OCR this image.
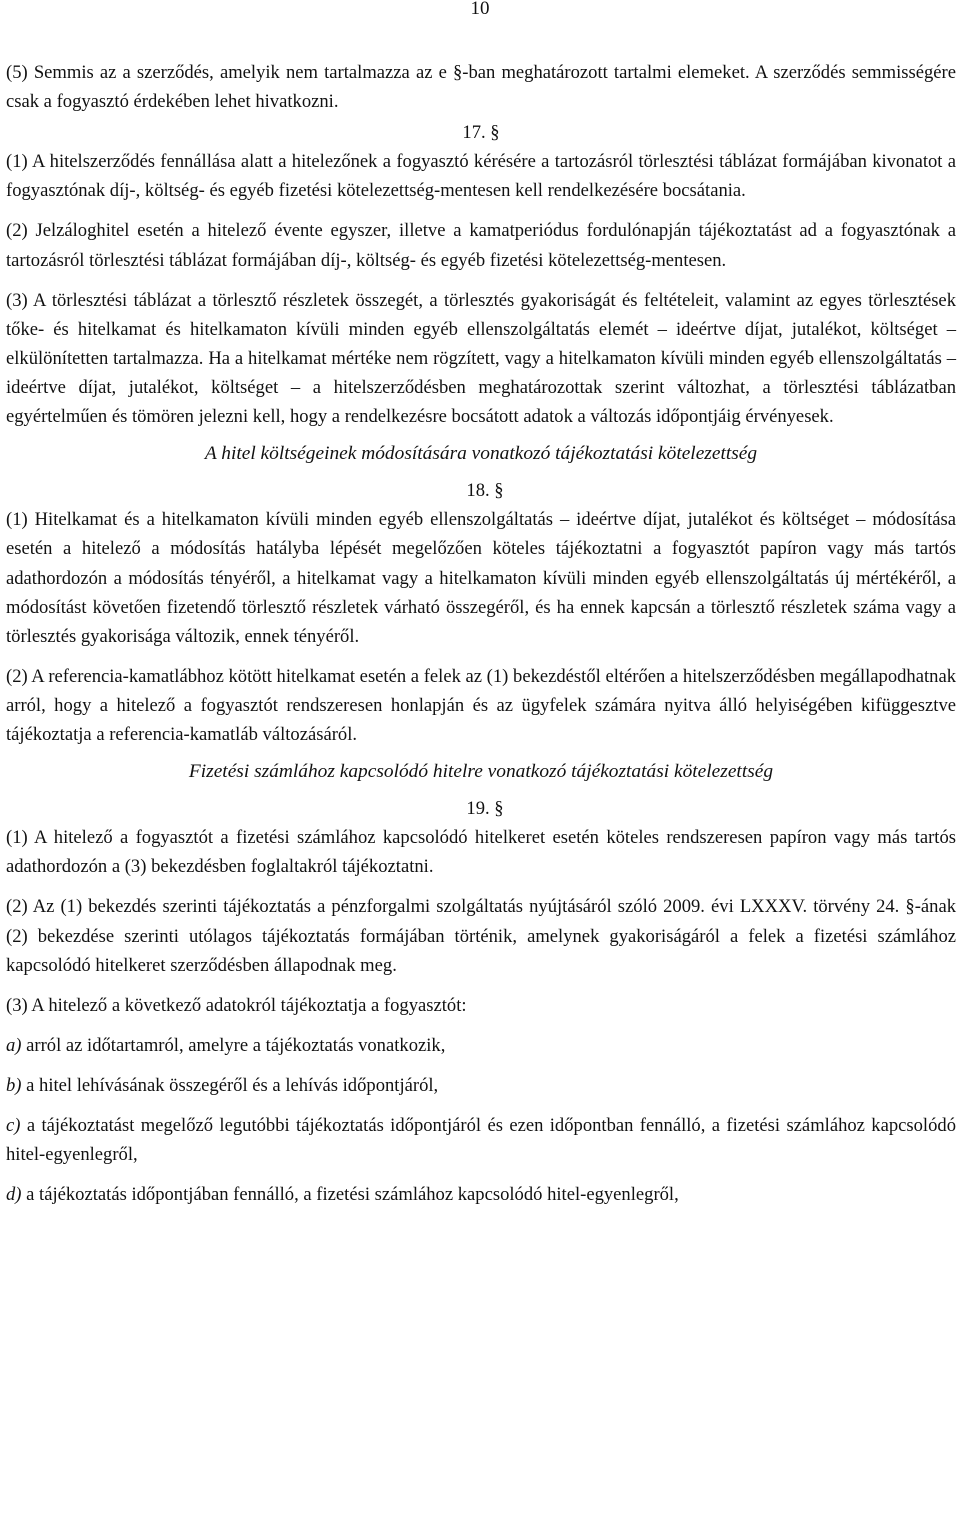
10

(5) Semmis az a szerződés, amelyik nem tartalmazza az e §-ban meghatározott tartalmi elemeket. A szerződés semmisségére csak a fogyasztó érdekében lehet hivatkozni.

17. §

(1) A hitelszerződés fennállása alatt a hitelezőnek a fogyasztó kérésére a tartozásról törlesztési táblázat formájában kivonatot a fogyasztónak díj-, költség- és egyéb fizetési kötelezettség-mentesen kell rendelkezésére bocsátania.

(2) Jelzáloghitel esetén a hitelező évente egyszer, illetve a kamatperiódus fordulónapján tájékoztatást ad a fogyasztónak a tartozásról törlesztési táblázat formájában díj-, költség- és egyéb fizetési kötelezettség-mentesen.

(3) A törlesztési táblázat a törlesztő részletek összegét, a törlesztés gyakoriságát és feltételeit, valamint az egyes törlesztések tőke- és hitelkamat és hitelkamaton kívüli minden egyéb ellenszolgáltatás elemét – ideértve díjat, jutalékot, költséget – elkülönítetten tartalmazza. Ha a hitelkamat mértéke nem rögzített, vagy a hitelkamaton kívüli minden egyéb ellenszolgáltatás – ideértve díjat, jutalékot, költséget – a hitelszerződésben meghatározottak szerint változhat, a törlesztési táblázatban egyértelműen és tömören jelezni kell, hogy a rendelkezésre bocsátott adatok a változás időpontjáig érvényesek.

A hitel költségeinek módosítására vonatkozó tájékoztatási kötelezettség
18. §

(1) Hitelkamat és a hitelkamaton kívüli minden egyéb ellenszolgáltatás – ideértve díjat, jutalékot és költséget – módosítása esetén a hitelező a módosítás hatályba lépését megelőzően köteles tájékoztatni a fogyasztót papíron vagy más tartós adathordozón a módosítás tényéről, a hitelkamat vagy a hitelkamaton kívüli minden egyéb ellenszolgáltatás új mértékéről, a módosítást követően fizetendő törlesztő részletek várható összegéről, és ha ennek kapcsán a törlesztő részletek száma vagy a törlesztés gyakorisága változik, ennek tényéről.

(2) A referencia-kamatlábhoz kötött hitelkamat esetén a felek az (1) bekezdéstől eltérően a hitelszerződésben megállapodhatnak arról, hogy a hitelező a fogyasztót rendszeresen honlapján és az ügyfelek számára nyitva álló helyiségében kifüggesztve tájékoztatja a referencia-kamatláb változásáról.

Fizetési számlához kapcsolódó hitelre vonatkozó tájékoztatási kötelezettség
19. §

(1) A hitelező a fogyasztót a fizetési számlához kapcsolódó hitelkeret esetén köteles rendszeresen papíron vagy más tartós adathordozón a (3) bekezdésben foglaltakról tájékoztatni.

(2) Az (1) bekezdés szerinti tájékoztatás a pénzforgalmi szolgáltatás nyújtásáról szóló 2009. évi LXXXV. törvény 24. §-ának (2) bekezdése szerinti utólagos tájékoztatás formájában történik, amelynek gyakoriságáról a felek a fizetési számlához kapcsolódó hitelkeret szerződésben állapodnak meg.

(3) A hitelező a következő adatokról tájékoztatja a fogyasztót:

a) arról az időtartamról, amelyre a tájékoztatás vonatkozik,

b) a hitel lehívásának összegéről és a lehívás időpontjáról,

c) a tájékoztatást megelőző legutóbbi tájékoztatás időpontjáról és ezen időpontban fennálló, a fizetési számlához kapcsolódó hitel-egyenlegről,

d) a tájékoztatás időpontjában fennálló, a fizetési számlához kapcsolódó hitel-egyenlegről,
